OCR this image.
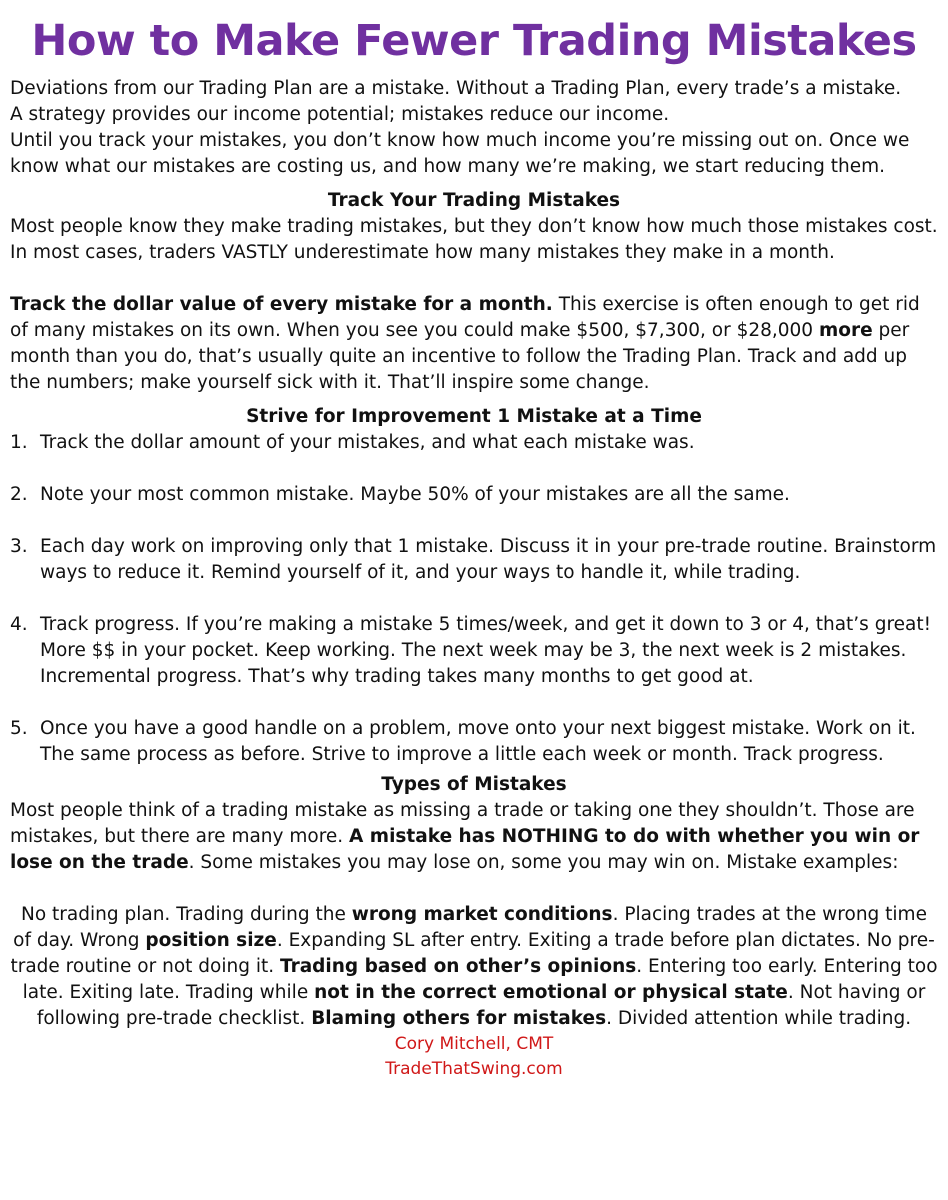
How to Make Fewer Trading Mistakes

Deviations from our Trading Plan are a mistake. Without a Trading Plan, every trade’s a mistake.

A strategy provides our income potential; mistakes reduce our income.

Until you track your mistakes, you don’t know how much income you’re missing out on. Once we know what our mistakes are costing us, and how many we’re making, we start reducing them.

Track Your Trading Mistakes

Most people know they make trading mistakes, but they don’t know how much those mistakes cost. In most cases, traders VASTLY underestimate how many mistakes they make in a month.

Track the dollar value of every mistake for a month. This exercise is often enough to get rid of many mistakes on its own. When you see you could make $500, $7,300, or $28,000 more per month than you do, that’s usually quite an incentive to follow the Trading Plan. Track and add up the numbers; make yourself sick with it. That’ll inspire some change.

Strive for Improvement 1 Mistake at a Time
1. Track the dollar amount of your mistakes, and what each mistake was.
2. Note your most common mistake. Maybe 50% of your mistakes are all the same.
3. Each day work on improving only that 1 mistake. Discuss it in your pre-trade routine. Brainstorm ways to reduce it. Remind yourself of it, and your ways to handle it, while trading.
4. Track progress. If you’re making a mistake 5 times/week, and get it down to 3 or 4, that’s great! More $$ in your pocket. Keep working. The next week may be 3, the next week is 2 mistakes. Incremental progress. That’s why trading takes many months to get good at.
5. Once you have a good handle on a problem, move onto your next biggest mistake. Work on it. The same process as before. Strive to improve a little each week or month. Track progress.
Types of Mistakes

Most people think of a trading mistake as missing a trade or taking one they shouldn’t. Those are mistakes, but there are many more. A mistake has NOTHING to do with whether you win or lose on the trade. Some mistakes you may lose on, some you may win on. Mistake examples:

No trading plan. Trading during the wrong market conditions. Placing trades at the wrong time of day. Wrong position size. Expanding SL after entry. Exiting a trade before plan dictates. No pre-trade routine or not doing it. Trading based on other’s opinions. Entering too early. Entering too late. Exiting late. Trading while not in the correct emotional or physical state. Not having or following pre-trade checklist. Blaming others for mistakes. Divided attention while trading.

Cory Mitchell, CMT

TradeThatSwing.com
